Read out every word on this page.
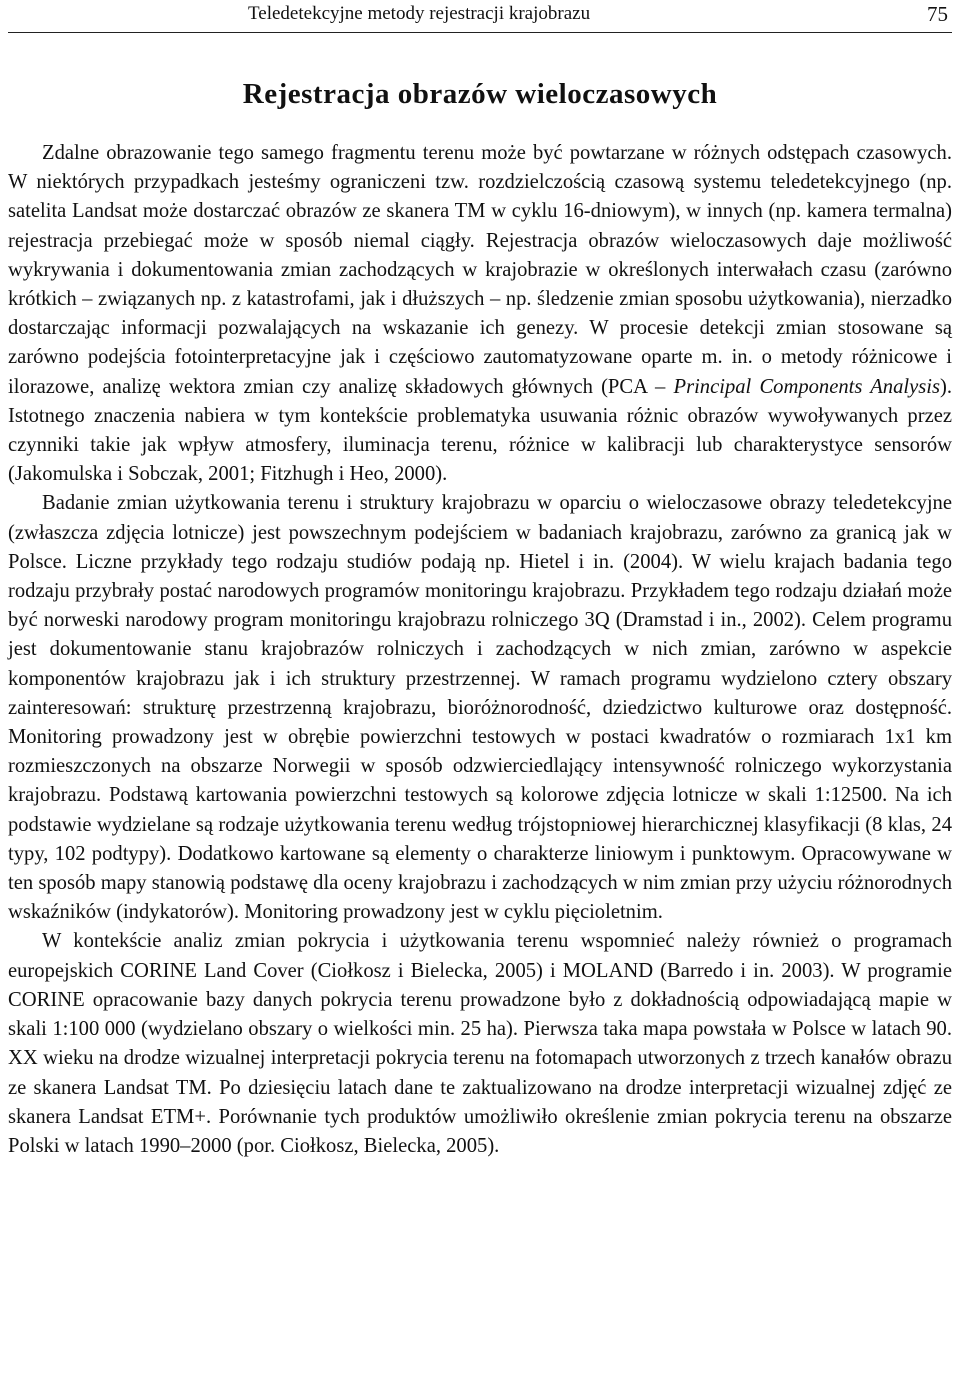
Teledetekcyjne metody rejestracji krajobrazu	75
Rejestracja obrazów wieloczasowych

Zdalne obrazowanie tego samego fragmentu terenu może być powtarzane w różnych odstępach czasowych. W niektórych przypadkach jesteśmy ograniczeni tzw. rozdzielczością czasową systemu teledetekcyjnego (np. satelita Landsat może dostarczać obrazów ze skanera TM w cyklu 16-dniowym), w innych (np. kamera termalna) rejestracja przebiegać może w sposób niemal ciągły. Rejestracja obrazów wieloczasowych daje możliwość wykrywania i dokumentowania zmian zachodzących w krajobrazie w określonych interwałach czasu (zarówno krótkich – związanych np. z katastrofami, jak i dłuższych – np. śledzenie zmian sposobu użytkowania), nierzadko dostarczając informacji pozwalających na wskazanie ich genezy. W procesie detekcji zmian stosowane są zarówno podejścia fotointerpretacyjne jak i częściowo zautomatyzowane oparte m. in. o metody różnicowe i ilorazowe, analizę wektora zmian czy analizę składowych głównych (PCA – Principal Components Analysis). Istotnego znaczenia nabiera w tym kontekście problematyka usuwania różnic obrazów wywoływanych przez czynniki takie jak wpływ atmosfery, iluminacja terenu, różnice w kalibracji lub charakterystyce sensorów (Jakomulska i Sobczak, 2001; Fitzhugh i Heo, 2000).

Badanie zmian użytkowania terenu i struktury krajobrazu w oparciu o wieloczasowe obrazy teledetekcyjne (zwłaszcza zdjęcia lotnicze) jest powszechnym podejściem w badaniach krajobrazu, zarówno za granicą jak w Polsce. Liczne przykłady tego rodzaju studiów podają np. Hietel i in. (2004). W wielu krajach badania tego rodzaju przybrały postać narodowych programów monitoringu krajobrazu. Przykładem tego rodzaju działań może być norweski narodowy program monitoringu krajobrazu rolniczego 3Q (Dramstad i in., 2002). Celem programu jest dokumentowanie stanu krajobrazów rolniczych i zachodzących w nich zmian, zarówno w aspekcie komponentów krajobrazu jak i ich struktury przestrzennej. W ramach programu wydzielono cztery obszary zainteresowań: strukturę przestrzenną krajobrazu, bioróżnorodność, dziedzictwo kulturowe oraz dostępność. Monitoring prowadzony jest w obrębie powierzchni testowych w postaci kwadratów o rozmiarach 1x1 km rozmieszczonych na obszarze Norwegii w sposób odzwierciedlający intensywność rolniczego wykorzystania krajobrazu. Podstawą kartowania powierzchni testowych są kolorowe zdjęcia lotnicze w skali 1:12500. Na ich podstawie wydzielane są rodzaje użytkowania terenu według trójstopniowej hierarchicznej klasyfikacji (8 klas, 24 typy, 102 podtypy). Dodatkowo kartowane są elementy o charakterze liniowym i punktowym. Opracowywane w ten sposób mapy stanowią podstawę dla oceny krajobrazu i zachodzących w nim zmian przy użyciu różnorodnych wskaźników (indykatorów). Monitoring prowadzony jest w cyklu pięcioletnim.

W kontekście analiz zmian pokrycia i użytkowania terenu wspomnieć należy również o programach europejskich CORINE Land Cover (Ciołkosz i Bielecka, 2005) i MOLAND (Barredo i in. 2003). W programie CORINE opracowanie bazy danych pokrycia terenu prowadzone było z dokładnością odpowiadającą mapie w skali 1:100 000 (wydzielano obszary o wielkości min. 25 ha). Pierwsza taka mapa powstała w Polsce w latach 90. XX wieku na drodze wizualnej interpretacji pokrycia terenu na fotomapach utworzonych z trzech kanałów obrazu ze skanera Landsat TM. Po dziesięciu latach dane te zaktualizowano na drodze interpretacji wizualnej zdjęć ze skanera Landsat ETM+. Porównanie tych produktów umożliwiło określenie zmian pokrycia terenu na obszarze Polski w latach 1990–2000 (por. Ciołkosz, Bielecka, 2005).
